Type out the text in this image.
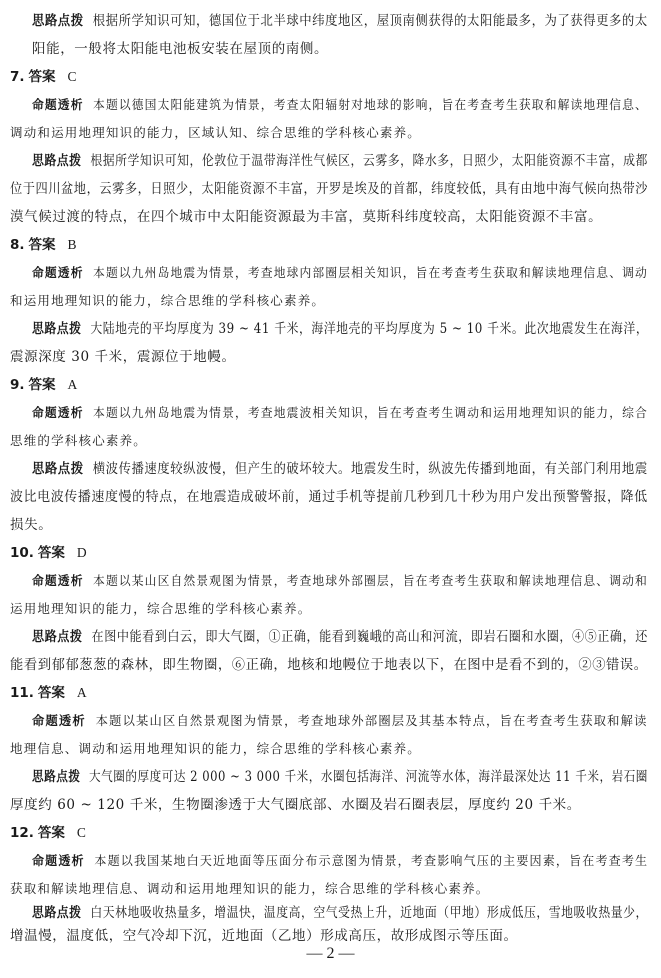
思路点拨 根据所学知识可知，德国位于北半球中纬度地区，屋顶南侧获得的太阳能最多，为了获得更多的太
阳能，一般将太阳能电池板安装在屋顶的南侧。
7. 答案 C
命题透析 本题以德国太阳能建筑为情景，考查太阳辐射对地球的影响，旨在考查考生获取和解读地理信息、
调动和运用地理知识的能力，区域认知、综合思维的学科核心素养。
思路点拨 根据所学知识可知，伦敦位于温带海洋性气候区，云雾多，降水多，日照少，太阳能资源不丰富，成都
位于四川盆地，云雾多，日照少，太阳能资源不丰富，开罗是埃及的首都，纬度较低，具有由地中海气候向热带沙
漠气候过渡的特点，在四个城市中太阳能资源最为丰富，莫斯科纬度较高，太阳能资源不丰富。
8. 答案 B
命题透析 本题以九州岛地震为情景，考查地球内部圈层相关知识，旨在考查考生获取和解读地理信息、调动
和运用地理知识的能力，综合思维的学科核心素养。
思路点拨 大陆地壳的平均厚度为 39 ~ 41 千米，海洋地壳的平均厚度为 5 ~ 10 千米。此次地震发生在海洋，
震源深度 30 千米，震源位于地幔。
9. 答案 A
命题透析 本题以九州岛地震为情景，考查地震波相关知识，旨在考查考生调动和运用地理知识的能力，综合
思维的学科核心素养。
思路点拨 横波传播速度较纵波慢，但产生的破坏较大。地震发生时，纵波先传播到地面，有关部门利用地震
波比电波传播速度慢的特点，在地震造成破坏前，通过手机等提前几秒到几十秒为用户发出预警警报，降低
损失。
10. 答案 D
命题透析 本题以某山区自然景观图为情景，考查地球外部圈层，旨在考查考生获取和解读地理信息、调动和
运用地理知识的能力，综合思维的学科核心素养。
思路点拨 在图中能看到白云，即大气圈，①正确，能看到巍峨的高山和河流，即岩石圈和水圈，④⑤正确，还
能看到郁郁葱葱的森林，即生物圈，⑥正确，地核和地幔位于地表以下，在图中是看不到的，②③错误。
11. 答案 A
命题透析 本题以某山区自然景观图为情景，考查地球外部圈层及其基本特点，旨在考查考生获取和解读
地理信息、调动和运用地理知识的能力，综合思维的学科核心素养。
思路点拨 大气圈的厚度可达 2 000 ~ 3 000 千米，水圈包括海洋、河流等水体，海洋最深处达 11 千米，岩石圈
厚度约 60 ~ 120 千米，生物圈渗透于大气圈底部、水圈及岩石圈表层，厚度约 20 千米。
12. 答案 C
命题透析 本题以我国某地白天近地面等压面分布示意图为情景，考查影响气压的主要因素，旨在考查考生
获取和解读地理信息、调动和运用地理知识的能力，综合思维的学科核心素养。
思路点拨 白天林地吸收热量多，增温快，温度高，空气受热上升，近地面（甲地）形成低压，雪地吸收热量少，
增温慢，温度低，空气冷却下沉，近地面（乙地）形成高压，故形成图示等压面。
— 2 —
